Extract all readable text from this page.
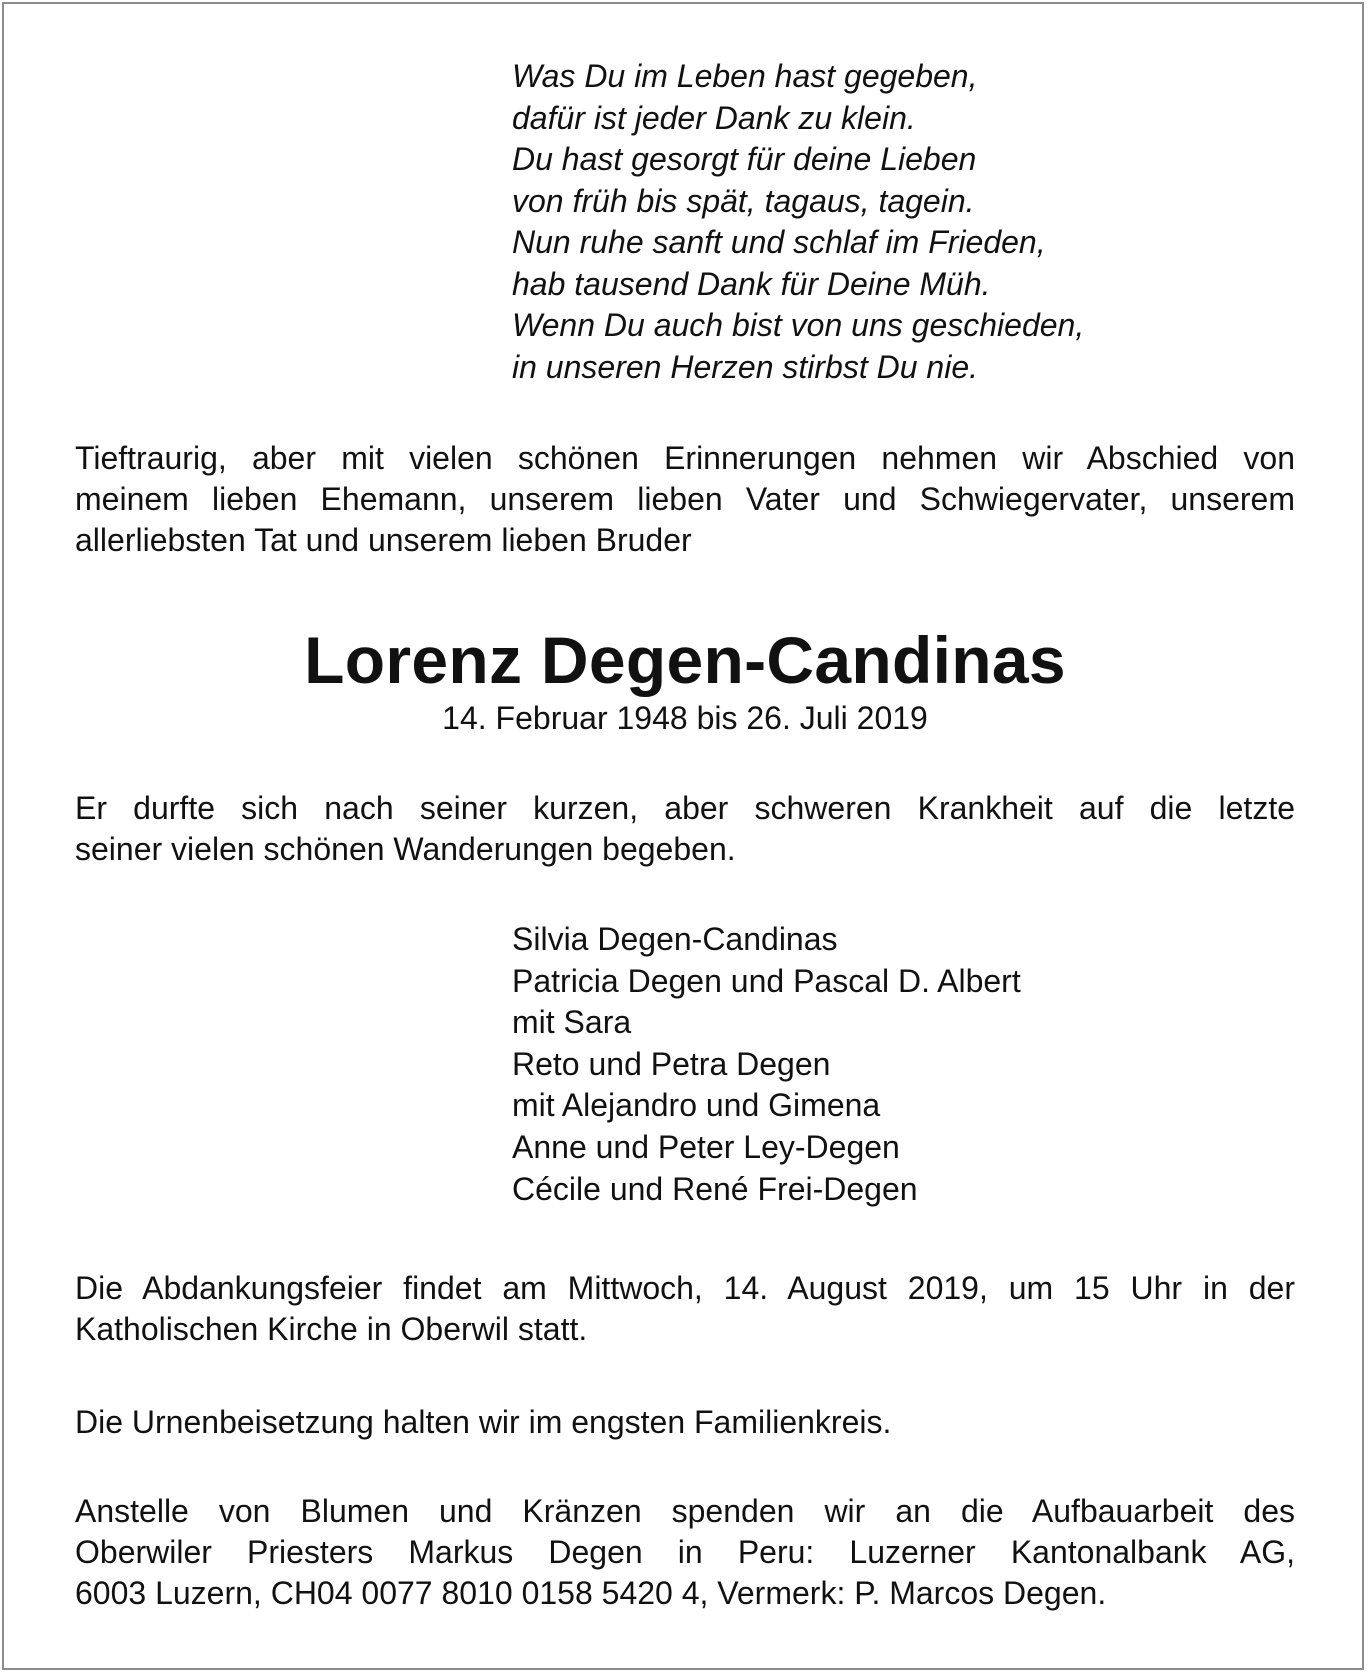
Was Du im Leben hast gegeben,
dafür ist jeder Dank zu klein.
Du hast gesorgt für deine Lieben
von früh bis spät, tagaus, tagein.
Nun ruhe sanft und schlaf im Frieden,
hab tausend Dank für Deine Müh.
Wenn Du auch bist von uns geschieden,
in unseren Herzen stirbst Du nie.
Tieftraurig, aber mit vielen schönen Erinnerungen nehmen wir Abschied von
meinem lieben Ehemann, unserem lieben Vater und Schwiegervater, unserem
allerliebsten Tat und unserem lieben Bruder
Lorenz Degen-Candinas
14. Februar 1948 bis 26. Juli 2019
Er durfte sich nach seiner kurzen, aber schweren Krankheit auf die letzte
seiner vielen schönen Wanderungen begeben.
Silvia Degen-Candinas
Patricia Degen und Pascal D. Albert
mit Sara
Reto und Petra Degen
mit Alejandro und Gimena
Anne und Peter Ley-Degen
Cécile und René Frei-Degen
Die Abdankungsfeier findet am Mittwoch, 14. August 2019, um 15 Uhr in der
Katholischen Kirche in Oberwil statt.
Die Urnenbeisetzung halten wir im engsten Familienkreis.
Anstelle von Blumen und Kränzen spenden wir an die Aufbauarbeit des
Oberwiler Priesters Markus Degen in Peru: Luzerner Kantonalbank AG,
6003 Luzern, CH04 0077 8010 0158 5420 4, Vermerk: P. Marcos Degen.
